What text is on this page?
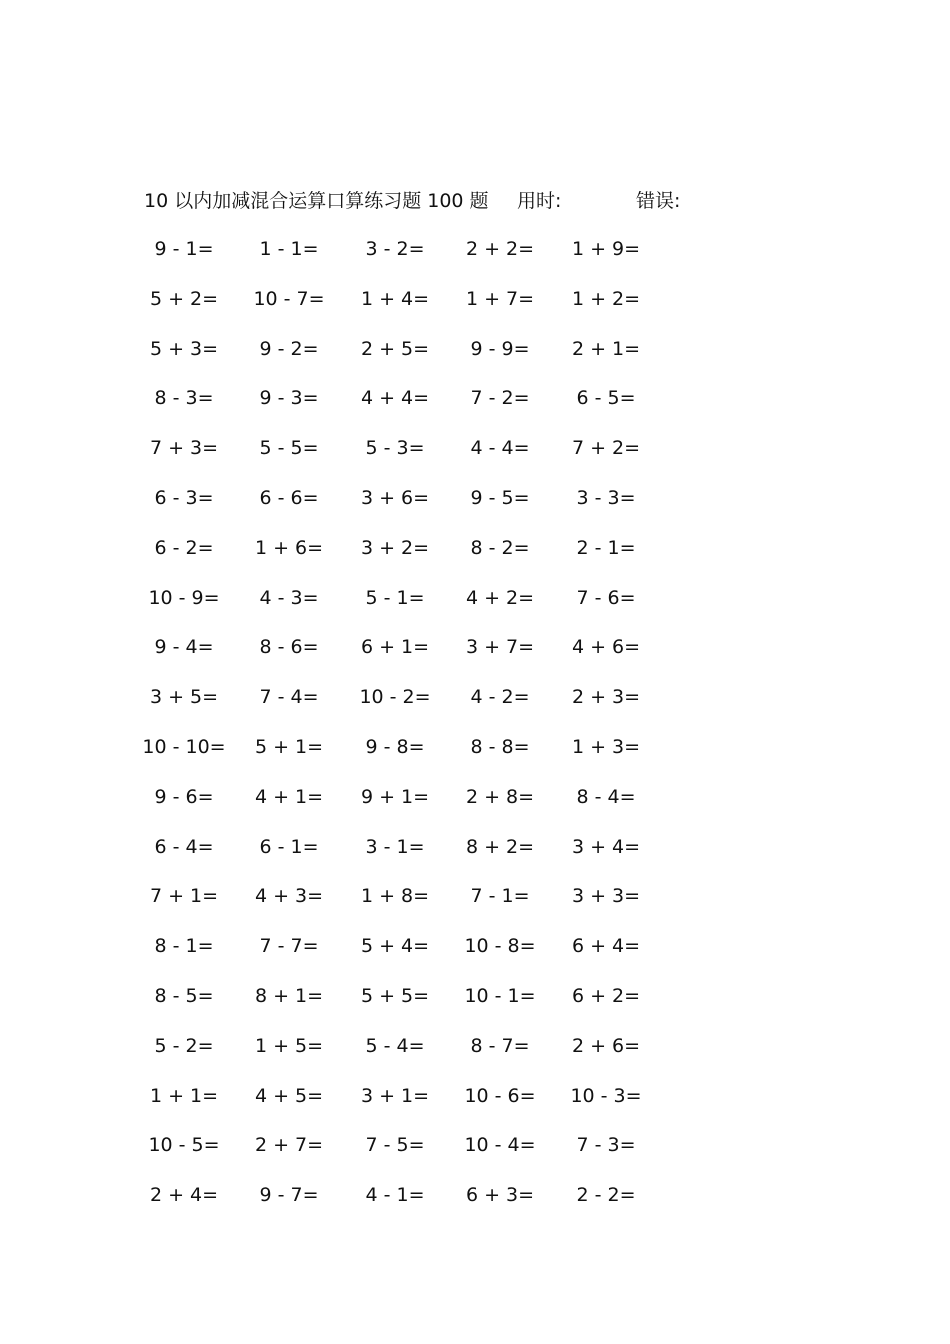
10 以内加减混合运算口算练习题 100 题 用时:	错误:
9 - 1=	1 - 1=	3 - 2=	2 + 2=	1 + 9=
5 + 2=	10 - 7=	1 + 4=	1 + 7=	1 + 2=
5 + 3=	9 - 2=	2 + 5=	9 - 9=	2 + 1=
8 - 3=	9 - 3=	4 + 4=	7 - 2=	6 - 5=
7 + 3=	5 - 5=	5 - 3=	4 - 4=	7 + 2=
6 - 3=	6 - 6=	3 + 6=	9 - 5=	3 - 3=
6 - 2=	1 + 6=	3 + 2=	8 - 2=	2 - 1=
10 - 9=	4 - 3=	5 - 1=	4 + 2=	7 - 6=
9 - 4=	8 - 6=	6 + 1=	3 + 7=	4 + 6=
3 + 5=	7 - 4=	10 - 2=	4 - 2=	2 + 3=
10 - 10=	5 + 1=	9 - 8=	8 - 8=	1 + 3=
9 - 6=	4 + 1=	9 + 1=	2 + 8=	8 - 4=
6 - 4=	6 - 1=	3 - 1=	8 + 2=	3 + 4=
7 + 1=	4 + 3=	1 + 8=	7 - 1=	3 + 3=
8 - 1=	7 - 7=	5 + 4=	10 - 8=	6 + 4=
8 - 5=	8 + 1=	5 + 5=	10 - 1=	6 + 2=
5 - 2=	1 + 5=	5 - 4=	8 - 7=	2 + 6=
1 + 1=	4 + 5=	3 + 1=	10 - 6=	10 - 3=
10 - 5=	2 + 7=	7 - 5=	10 - 4=	7 - 3=
2 + 4=	9 - 7=	4 - 1=	6 + 3=	2 - 2=
